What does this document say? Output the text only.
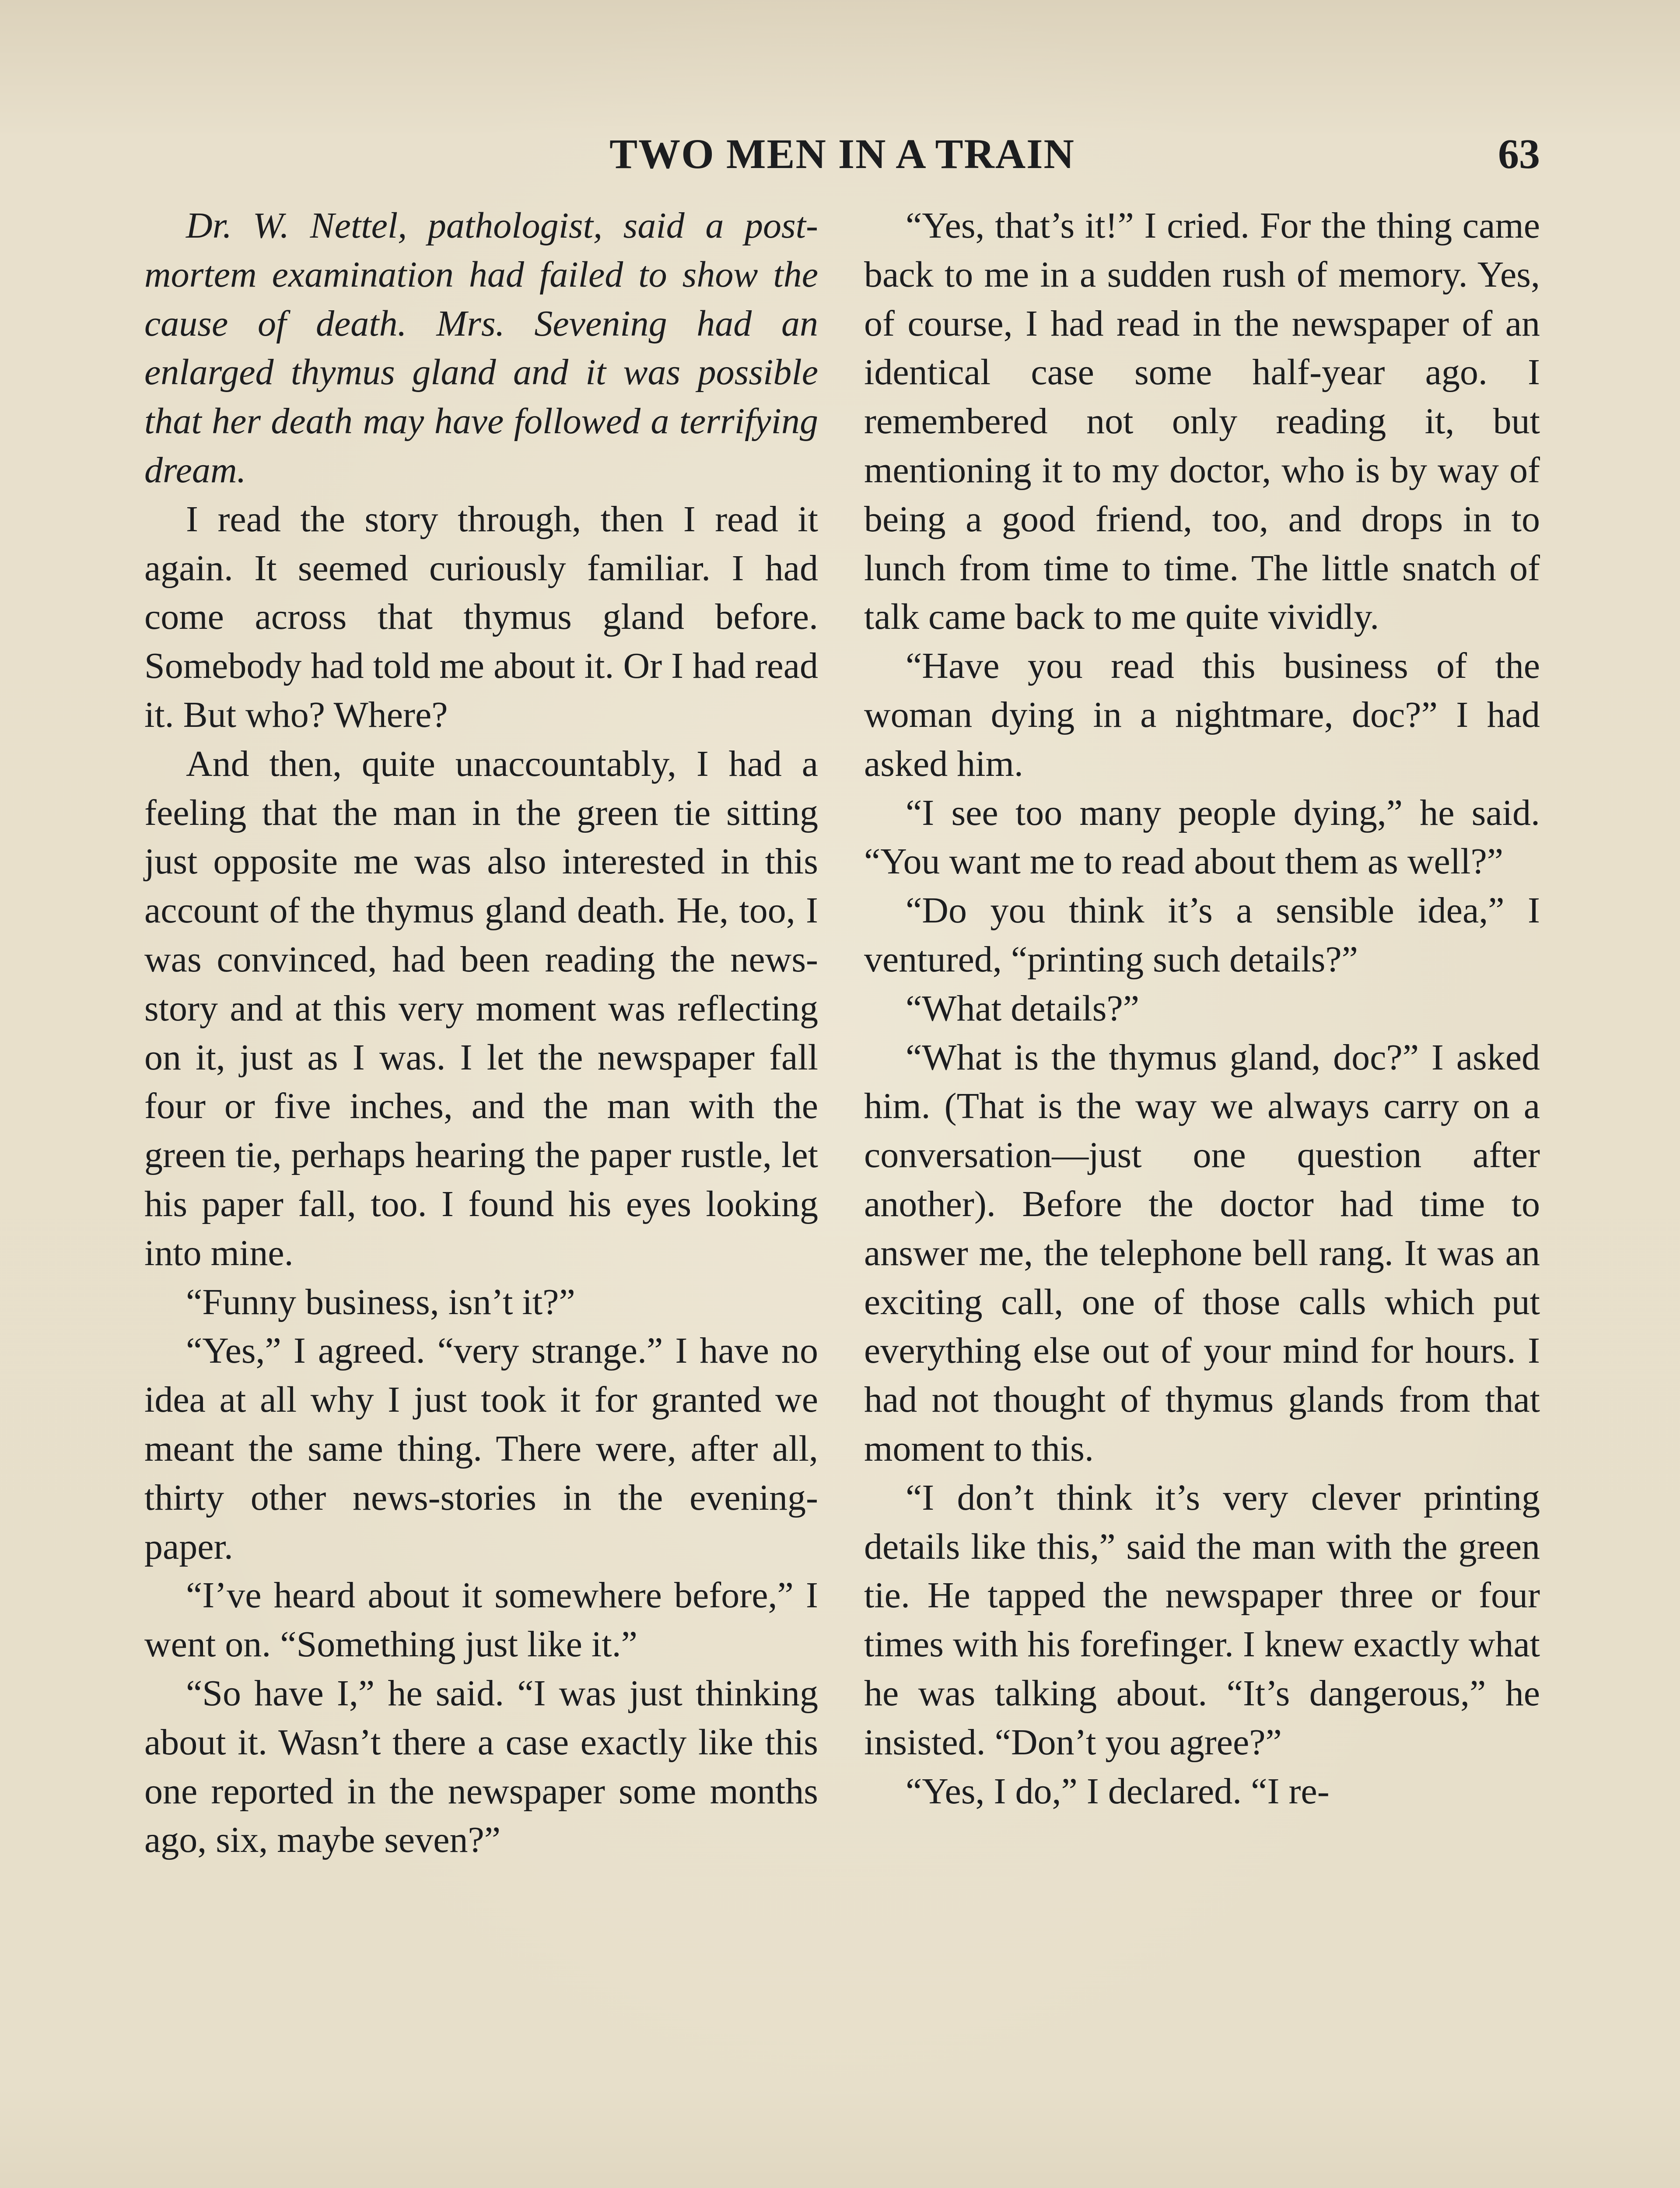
TWO MEN IN A TRAIN	63

Dr. W. Nettel, pathologist, said a post-mortem examination had failed to show the cause of death. Mrs. Sevening had an enlarged thymus gland and it was possible that her death may have followed a terrifying dream.

I read the story through, then I read it again. It seemed curiously familiar. I had come across that thymus gland before. Somebody had told me about it. Or I had read it. But who? Where?

And then, quite unaccountably, I had a feeling that the man in the green tie sitting just opposite me was also interested in this account of the thymus gland death. He, too, I was convinced, had been reading the news-story and at this very moment was reflecting on it, just as I was. I let the newspaper fall four or five inches, and the man with the green tie, perhaps hearing the paper rustle, let his paper fall, too. I found his eyes looking into mine.

“Funny business, isn’t it?”

“Yes,” I agreed. “very strange.” I have no idea at all why I just took it for granted we meant the same thing. There were, after all, thirty other news-stories in the evening-paper.

“I’ve heard about it somewhere before,” I went on. “Something just like it.”

“So have I,” he said. “I was just thinking about it. Wasn’t there a case exactly like this one reported in the newspaper some months ago, six, maybe seven?”

“Yes, that’s it!” I cried. For the thing came back to me in a sudden rush of memory. Yes, of course, I had read in the newspaper of an identical case some half-year ago. I remembered not only reading it, but mentioning it to my doctor, who is by way of being a good friend, too, and drops in to lunch from time to time. The little snatch of talk came back to me quite vividly.

“Have you read this business of the woman dying in a nightmare, doc?” I had asked him.

“I see too many people dying,” he said. “You want me to read about them as well?”

“Do you think it’s a sensible idea,” I ventured, “printing such details?”

“What details?”

“What is the thymus gland, doc?” I asked him. (That is the way we always carry on a conversation—just one question after another). Before the doctor had time to answer me, the telephone bell rang. It was an exciting call, one of those calls which put everything else out of your mind for hours. I had not thought of thymus glands from that moment to this.

“I don’t think it’s very clever printing details like this,” said the man with the green tie. He tapped the newspaper three or four times with his forefinger. I knew exactly what he was talking about. “It’s dangerous,” he insisted. “Don’t you agree?”

“Yes, I do,” I declared. “I re-
